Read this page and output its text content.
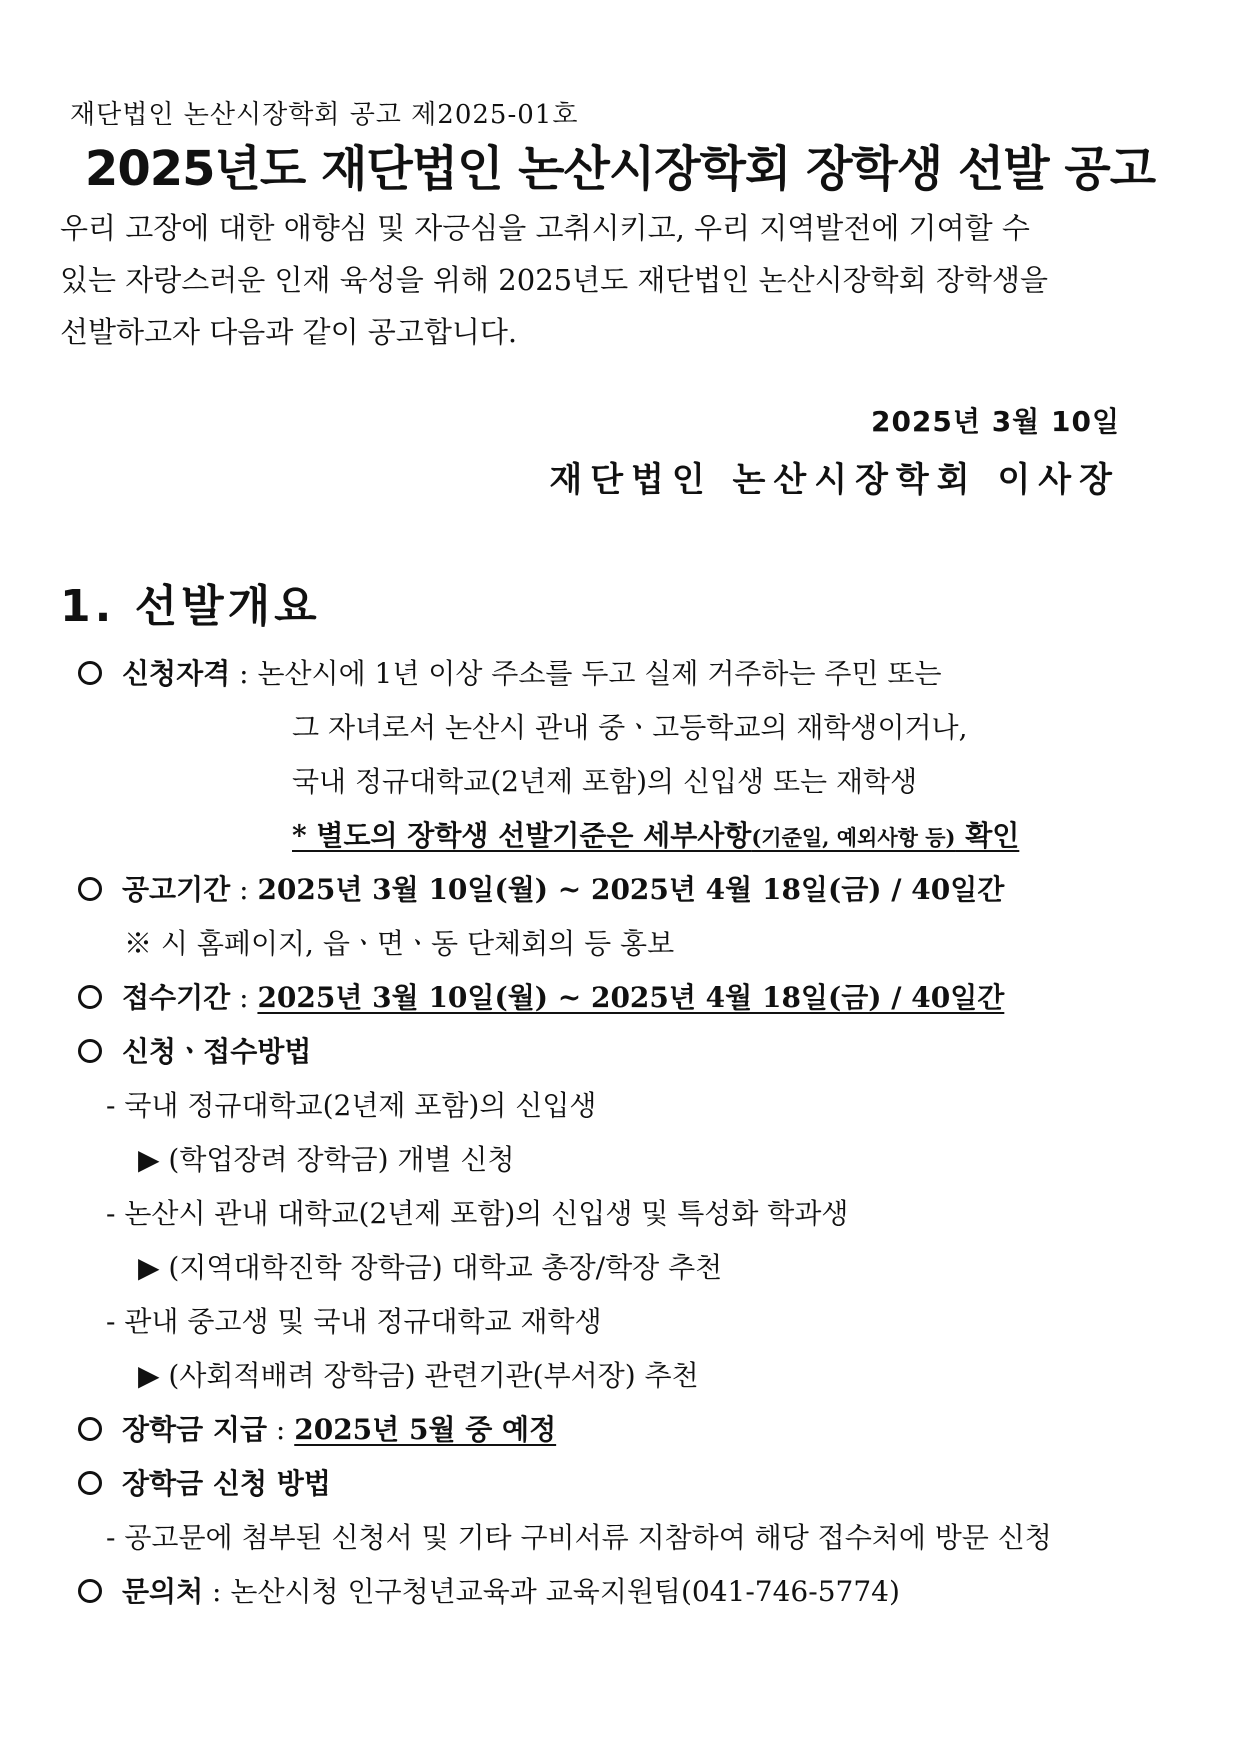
재단법인 논산시장학회 공고 제2025-01호
2025년도 재단법인 논산시장학회 장학생 선발 공고

우리 고장에 대한 애향심 및 자긍심을 고취시키고, 우리 지역발전에 기여할 수

있는 자랑스러운 인재 육성을 위해 2025년도 재단법인 논산시장학회 장학생을

선발하고자 다음과 같이 공고합니다.

2025년 3월 10일
재단법인 논산시장학회 이사장
1. 선발개요
신청자격 : 논산시에 1년 이상 주소를 두고 실제 거주하는 주민 또는
그 자녀로서 논산시 관내 중ㆍ고등학교의 재학생이거나,
국내 정규대학교(2년제 포함)의 신입생 또는 재학생
* 별도의 장학생 선발기준은 세부사항(기준일, 예외사항 등) 확인
공고기간 : 2025년 3월 10일(월) ~ 2025년 4월 18일(금) / 40일간
※ 시 홈페이지, 읍ㆍ면ㆍ동 단체회의 등 홍보
접수기간 : 2025년 3월 10일(월) ~ 2025년 4월 18일(금) / 40일간
신청ㆍ접수방법
- 국내 정규대학교(2년제 포함)의 신입생
▶ (학업장려 장학금) 개별 신청
- 논산시 관내 대학교(2년제 포함)의 신입생 및 특성화 학과생
▶ (지역대학진학 장학금) 대학교 총장/학장 추천
- 관내 중고생 및 국내 정규대학교 재학생
▶ (사회적배려 장학금) 관련기관(부서장) 추천
장학금 지급 : 2025년 5월 중 예정
장학금 신청 방법
- 공고문에 첨부된 신청서 및 기타 구비서류 지참하여 해당 접수처에 방문 신청
문의처 : 논산시청 인구청년교육과 교육지원팀(041-746-5774)
